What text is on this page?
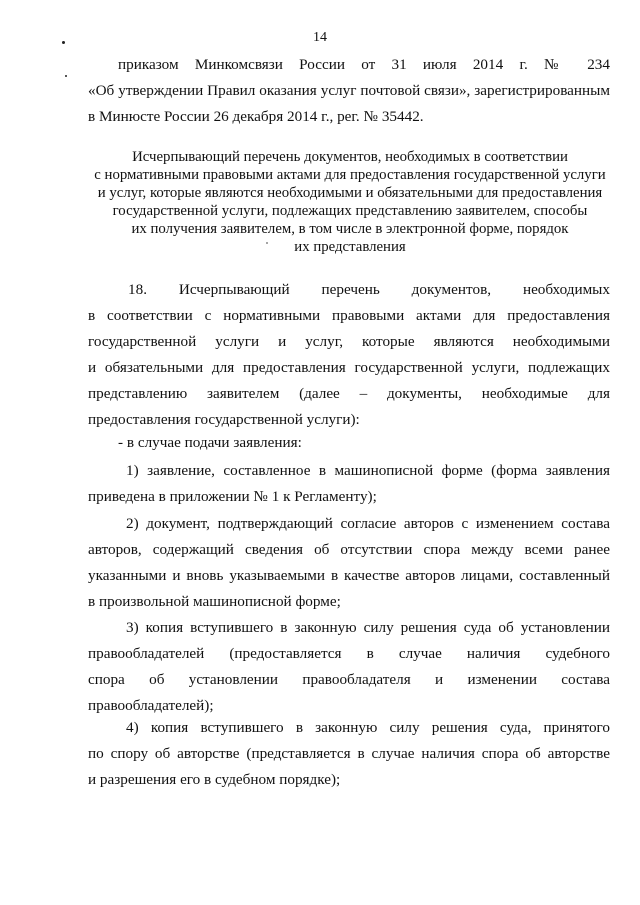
14
приказом Минкомсвязи России от 31 июля 2014 г. № 234
«Об утверждении Правил оказания услуг почтовой связи», зарегистрированным
в Минюсте России 26 декабря 2014 г., рег. № 35442.
Исчерпывающий перечень документов, необходимых в соответствии
с нормативными правовыми актами для предоставления государственной услуги
и услуг, которые являются необходимыми и обязательными для предоставления
государственной услуги, подлежащих представлению заявителем, способы
их получения заявителем, в том числе в электронной форме, порядок
их представления
18. Исчерпывающий перечень документов, необходимых
в соответствии с нормативными правовыми актами для предоставления
государственной услуги и услуг, которые являются необходимыми
и обязательными для предоставления государственной услуги, подлежащих
представлению заявителем (далее – документы, необходимые для
предоставления государственной услуги):
- в случае подачи заявления:
1) заявление, составленное в машинописной форме (форма заявления
приведена в приложении № 1 к Регламенту);
2) документ, подтверждающий согласие авторов с изменением состава
авторов, содержащий сведения об отсутствии спора между всеми ранее
указанными и вновь указываемыми в качестве авторов лицами, составленный
в произвольной машинописной форме;
3) копия вступившего в законную силу решения суда об установлении
правообладателей (предоставляется в случае наличия судебного
спора об установлении правообладателя и изменении состава
правообладателей);
4) копия вступившего в законную силу решения суда, принятого
по спору об авторстве (представляется в случае наличия спора об авторстве
и разрешения его в судебном порядке);
